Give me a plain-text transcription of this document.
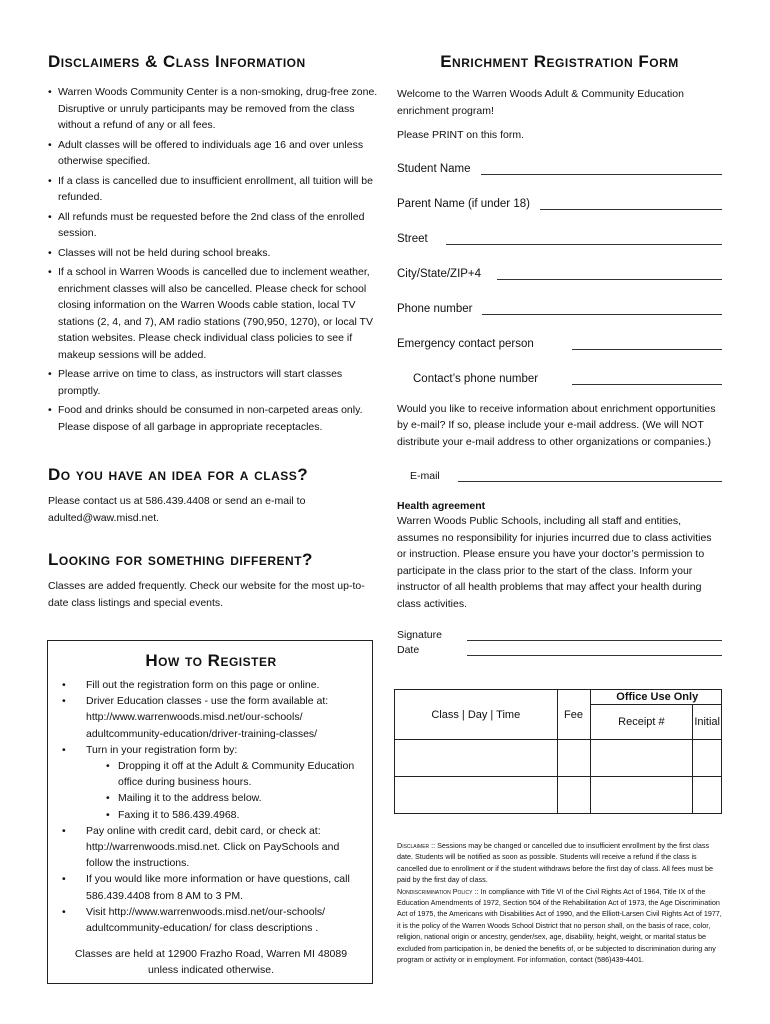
Disclaimers & Class Information
• Warren Woods Community Center is a non-smoking, drug-free zone. Disruptive or unruly participants may be removed from the class without a refund of any or all fees.
• Adult classes will be offered to individuals age 16 and over unless otherwise specified.
• If a class is cancelled due to insufficient enrollment, all tuition will be refunded.
• All refunds must be requested before the 2nd class of the enrolled session.
• Classes will not be held during school breaks.
• If a school in Warren Woods is cancelled due to inclement weather, enrichment classes will also be cancelled. Please check for school closing information on the Warren Woods cable station, local TV stations (2, 4, and 7), AM radio stations (790,950, 1270), or local TV station websites. Please check individual class policies to see if makeup sessions will be added.
• Please arrive on time to class, as instructors will start classes promptly.
• Food and drinks should be consumed in non-carpeted areas only. Please dispose of all garbage in appropriate receptacles.
Do you have an idea for a class?

Please contact us at 586.439.4408 or send an e-mail to adulted@waw.misd.net.

Looking for something different?

Classes are added frequently. Check our website for the most up-to-date class listings and special events.

How to Register
• Fill out the registration form on this page or online.
• Driver Education classes - use the form available at: http://www.warrenwoods.misd.net/our-schools/ adultcommunity-education/driver-training-classes/
• Turn in your registration form by:
• Dropping it off at the Adult & Community Education office during business hours.
• Mailing it to the address below.
• Faxing it to 586.439.4968.
• Pay online with credit card, debit card, or check at: http://warrenwoods.misd.net. Click on PaySchools and follow the instructions.
• If you would like more information or have questions, call 586.439.4408 from 8 AM to 3 PM.
• Visit http://www.warrenwoods.misd.net/our-schools/ adultcommunity-education/ for class descriptions .
Classes are held at 12900 Frazho Road, Warren MI 48089 unless indicated otherwise.
Enrichment Registration Form

Welcome to the Warren Woods Adult & Community Education enrichment program!

Please PRINT on this form.

Student Name
Parent Name (if under 18)
Street
City/State/ZIP+4
Phone number
Emergency contact person
Contact’s phone number

Would you like to receive information about enrichment opportunities by e-mail? If so, please include your e-mail address. (We will NOT distribute your e-mail address to other organizations or companies.)

E-mail
Health agreement

Warren Woods Public Schools, including all staff and entities, assumes no responsibility for injuries incurred due to class activities or instruction. Please ensure you have your doctor’s permission to participate in the class prior to the start of the class. Inform your instructor of all health problems that may affect your health during class activities.

Signature
Date
Class | Day | Time	Fee	Office Use Only	
		Receipt #	Initial

Disclaimer :: Sessions may be changed or cancelled due to insufficient enrollment by the first class date. Students will be notified as soon as possible. Students will receive a refund if the class is cancelled due to enrollment or if the student withdraws before the first day of class. All fees must be paid by the first day of class.
Nondiscrimination Policy :: In compliance with Title VI of the Civil Rights Act of 1964, Title IX of the Education Amendments of 1972, Section 504 of the Rehabilitation Act of 1973, the Age Discrimination Act of 1975, the Americans with Disabilities Act of 1990, and the Elliott-Larsen Civil Rights Act of 1977, it is the policy of the Warren Woods School District that no person shall, on the basis of race, color, religion, national origin or ancestry, gender/sex, age, disability, height, weight, or marital status be excluded from participation in, be denied the benefits of, or be subjected to discrimination during any program or activity or in employment. For information, contact (586)439-4401.
